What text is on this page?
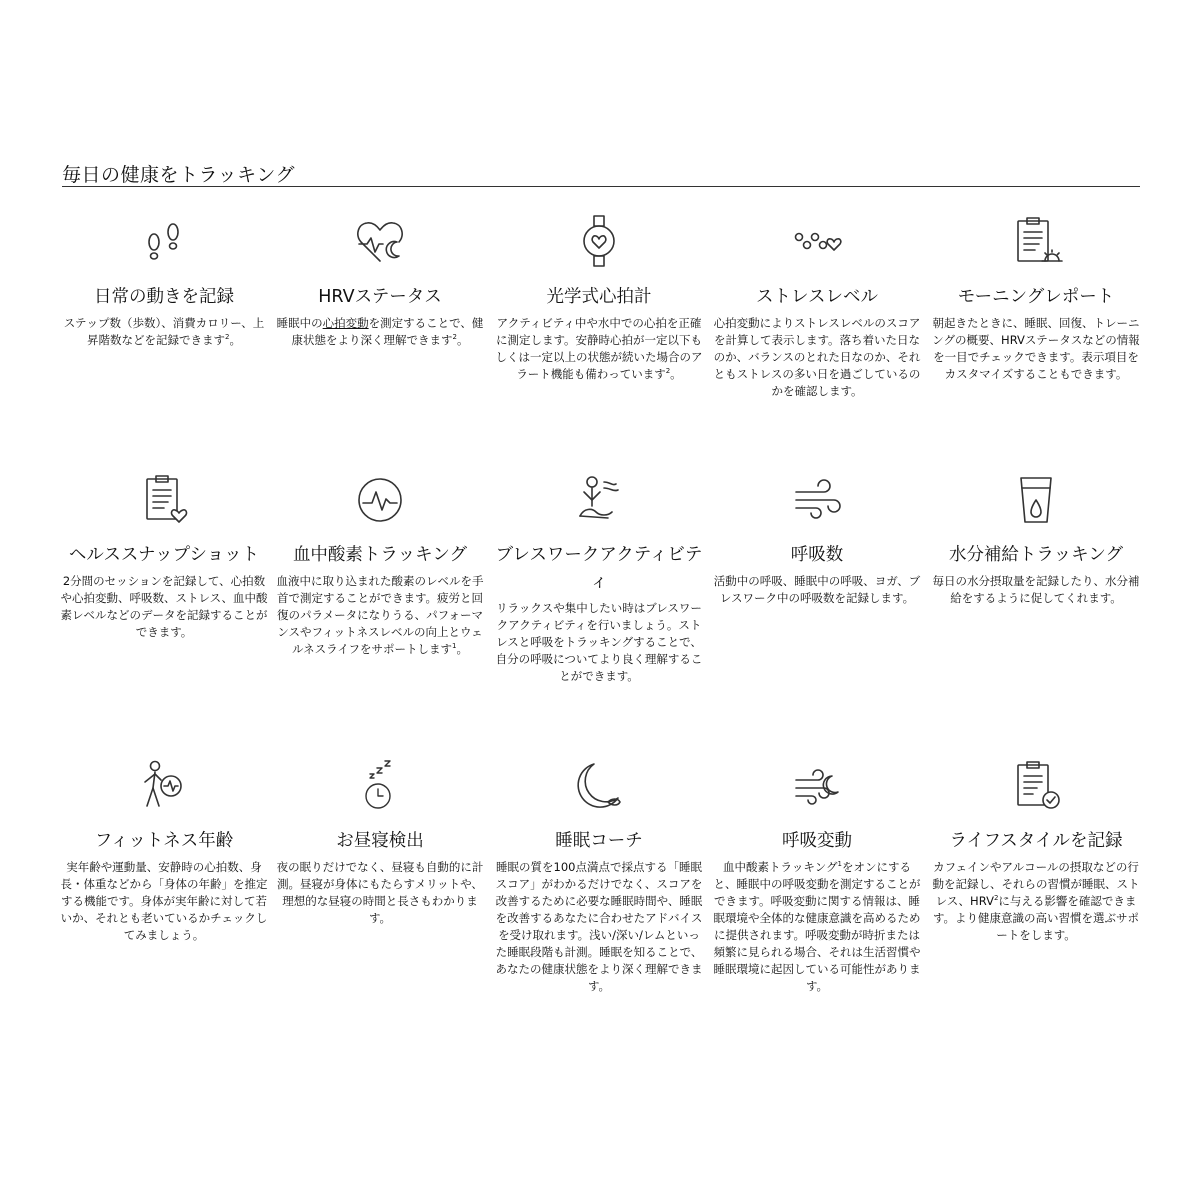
毎日の健康をトラッキング
日常の動きを記録
ステップ数（歩数）、消費カロリー、上昇階数などを記録できます$^2$。
HRVステータス
睡眠中の心拍変動を測定することで、健康状態をより深く理解できます$^2$。
光学式心拍計
アクティビティ中や水中での心拍を正確に測定します。安静時心拍が一定以下もしくは一定以上の状態が続いた場合のアラート機能も備わっています$^2$。
ストレスレベル
心拍変動によりストレスレベルのスコアを計算して表示します。落ち着いた日なのか、バランスのとれた日なのか、それともストレスの多い日を過ごしているのかを確認します。
モーニングレポート
朝起きたときに、睡眠、回復、トレーニングの概要、HRVステータスなどの情報を一目でチェックできます。表示項目をカスタマイズすることもできます。
ヘルススナップショット
2分間のセッションを記録して、心拍数や心拍変動、呼吸数、ストレス、血中酸素レベルなどのデータを記録することができます。
血中酸素トラッキング
血液中に取り込まれた酸素のレベルを手首で測定することができます。疲労と回復のパラメータになりうる、パフォーマンスやフィットネスレベルの向上とウェルネスライフをサポートします$^1$。
ブレスワークアクティビティ
リラックスや集中したい時はブレスワークアクティビティを行いましょう。ストレスと呼吸をトラッキングすることで、自分の呼吸についてより良く理解することができます。
呼吸数
活動中の呼吸、睡眠中の呼吸、ヨガ、ブレスワーク中の呼吸数を記録します。
水分補給トラッキング
毎日の水分摂取量を記録したり、水分補給をするように促してくれます。
フィットネス年齢
実年齢や運動量、安静時の心拍数、身長・体重などから「身体の年齢」を推定する機能です。身体が実年齢に対して若いか、それとも老いているかチェックしてみましょう。
お昼寝検出
夜の眠りだけでなく、昼寝も自動的に計測。昼寝が身体にもたらすメリットや、理想的な昼寝の時間と長さもわかります。
睡眠コーチ
睡眠の質を100点満点で採点する「睡眠スコア」がわかるだけでなく、スコアを改善するために必要な睡眠時間や、睡眠を改善するあなたに合わせたアドバイスを受け取れます。浅い/深い/レムといった睡眠段階も計測。睡眠を知ることで、あなたの健康状態をより深く理解できます。
呼吸変動
血中酸素トラッキング$^1$をオンにすると、睡眠中の呼吸変動を測定することができます。呼吸変動に関する情報は、睡眠環境や全体的な健康意識を高めるために提供されます。呼吸変動が時折または頻繁に見られる場合、それは生活習慣や睡眠環境に起因している可能性があります。
ライフスタイルを記録
カフェインやアルコールの摂取などの行動を記録し、それらの習慣が睡眠、ストレス、HRV$^2$に与える影響を確認できます。より健康意識の高い習慣を選ぶサポートをします。
